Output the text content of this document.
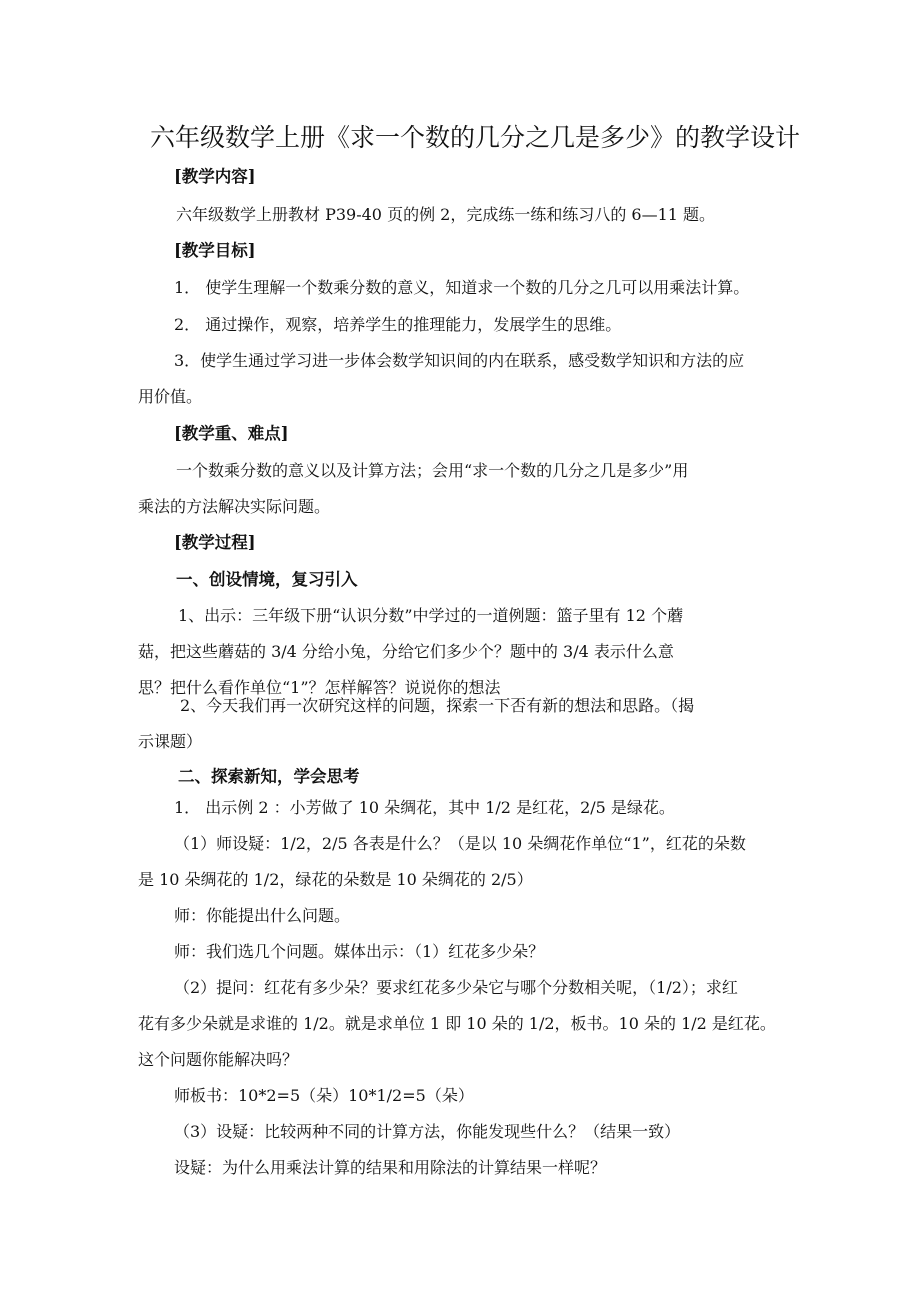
六年级数学上册《求一个数的几分之几是多少》的教学设计
[教学内容]
六年级数学上册教材 P39-40 页的例 2，完成练一练和练习八的 6—11 题。
[教学目标]
1． 使学生理解一个数乘分数的意义，知道求一个数的几分之几可以用乘法计算。
2． 通过操作，观察，培养学生的推理能力，发展学生的思维。
3．使学生通过学习进一步体会数学知识间的内在联系，感受数学知识和方法的应
用价值。
[教学重、难点]
一个数乘分数的意义以及计算方法；会用“求一个数的几分之几是多少”用
乘法的方法解决实际问题。
[教学过程]
一、创设情境，复习引入
1、出示：三年级下册“认识分数”中学过的一道例题：篮子里有 12 个蘑
菇，把这些蘑菇的 3/4 分给小兔，分给它们多少个？题中的 3/4 表示什么意
思？把什么看作单位“1”？怎样解答？说说你的想法
2、今天我们再一次研究这样的问题，探索一下否有新的想法和思路。（揭
示课题）
二、探索新知，学会思考
1． 出示例 2 ：小芳做了 10 朵绸花，其中 1/2 是红花，2/5 是绿花。
（1）师设疑：1/2，2/5 各表是什么？（是以 10 朵绸花作单位“1”，红花的朵数
是 10 朵绸花的 1/2，绿花的朵数是 10 朵绸花的 2/5）
师：你能提出什么问题。
师：我们选几个问题。媒体出示：（1）红花多少朵？
（2）提问：红花有多少朵？要求红花多少朵它与哪个分数相关呢，（1/2）；求红
花有多少朵就是求谁的 1/2。就是求单位 1 即 10 朵的 1/2，板书。10 朵的 1/2 是红花。
这个问题你能解决吗？
师板书：10*2=5（朵）10*1/2=5（朵）
（3）设疑：比较两种不同的计算方法，你能发现些什么？（结果一致）
设疑：为什么用乘法计算的结果和用除法的计算结果一样呢？
